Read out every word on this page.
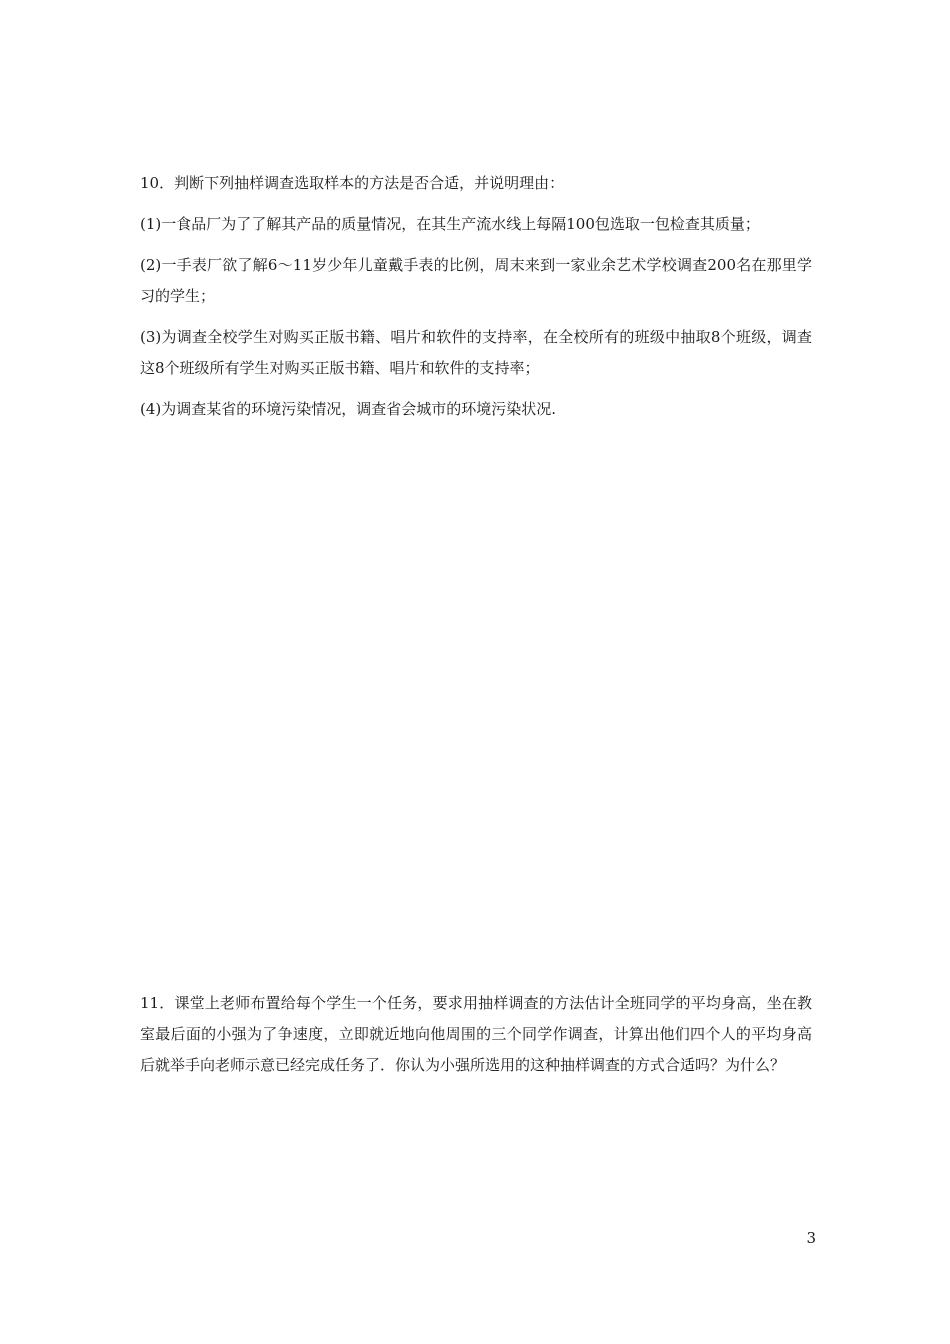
10．判断下列抽样调查选取样本的方法是否合适，并说明理由：

(1)一食品厂为了了解其产品的质量情况，在其生产流水线上每隔100包选取一包检查其质量；

(2)一手表厂欲了解6～11岁少年儿童戴手表的比例，周末来到一家业余艺术学校调查200名在那里学习的学生；

(3)为调查全校学生对购买正版书籍、唱片和软件的支持率，在全校所有的班级中抽取8个班级，调查这8个班级所有学生对购买正版书籍、唱片和软件的支持率；

(4)为调查某省的环境污染情况，调查省会城市的环境污染状况.

11．课堂上老师布置给每个学生一个任务，要求用抽样调查的方法估计全班同学的平均身高，坐在教室最后面的小强为了争速度，立即就近地向他周围的三个同学作调查，计算出他们四个人的平均身高后就举手向老师示意已经完成任务了．你认为小强所选用的这种抽样调查的方式合适吗？为什么？

3
